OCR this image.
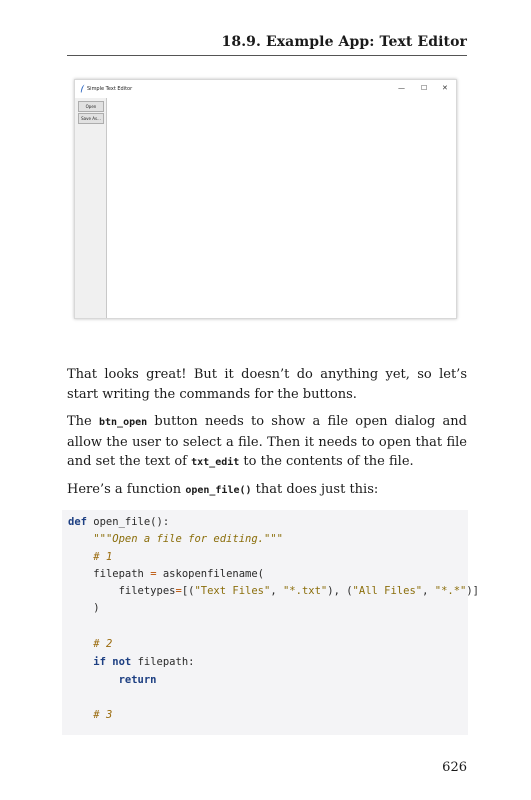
18.9. Example App: Text Editor
Simple Text Editor	— ☐ ✕
Open
Save As...

That looks great! But it doesn’t do anything yet, so let’s start writing the commands for the buttons.

The btn_open button needs to show a file open dialog and allow the user to select a file. Then it needs to open that file and set the text of txt_edit to the contents of the file.

Here’s a function open_file() that does just this:

def open_file():
"""Open a file for editing."""
# 1
filepath = askopenfilename(
filetypes=[("Text Files", "*.txt"), ("All Files", "*.*")]
)
# 2
if not filepath:
return
# 3
626
